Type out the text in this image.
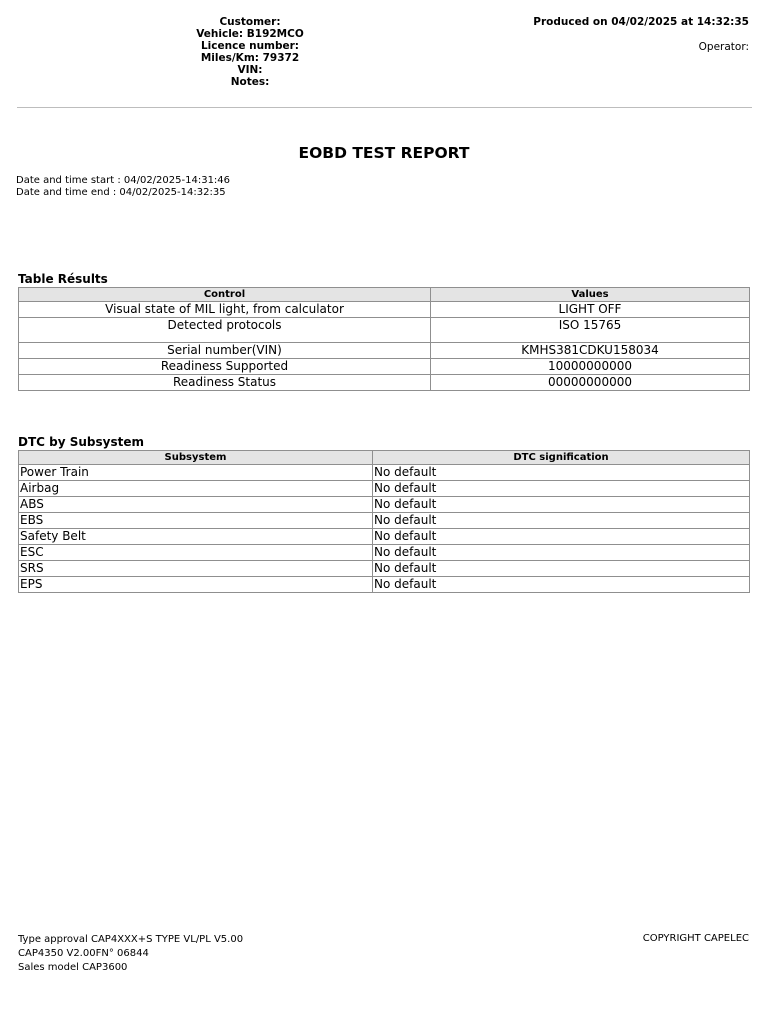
Customer:
Vehicle: B192MCO
Licence number:
Miles/Km: 79372
VIN:
Notes:
Produced on 04/02/2025 at 14:32:35
Operator:
EOBD TEST REPORT
Date and time start : 04/02/2025-14:31:46
Date and time end : 04/02/2025-14:32:35
Table Résults
Control	Values
Visual state of MIL light, from calculator	LIGHT OFF
Detected protocols	ISO 15765
Serial number(VIN)	KMHS381CDKU158034
Readiness Supported	10000000000
Readiness Status	00000000000
DTC by Subsystem
Subsystem	DTC signification
Power Train	No default
Airbag	No default
ABS	No default
EBS	No default
Safety Belt	No default
ESC	No default
SRS	No default
EPS	No default
Type approval CAP4XXX+S TYPE VL/PL V5.00
CAP4350 V2.00FN° 06844
Sales model CAP3600
COPYRIGHT CAPELEC
